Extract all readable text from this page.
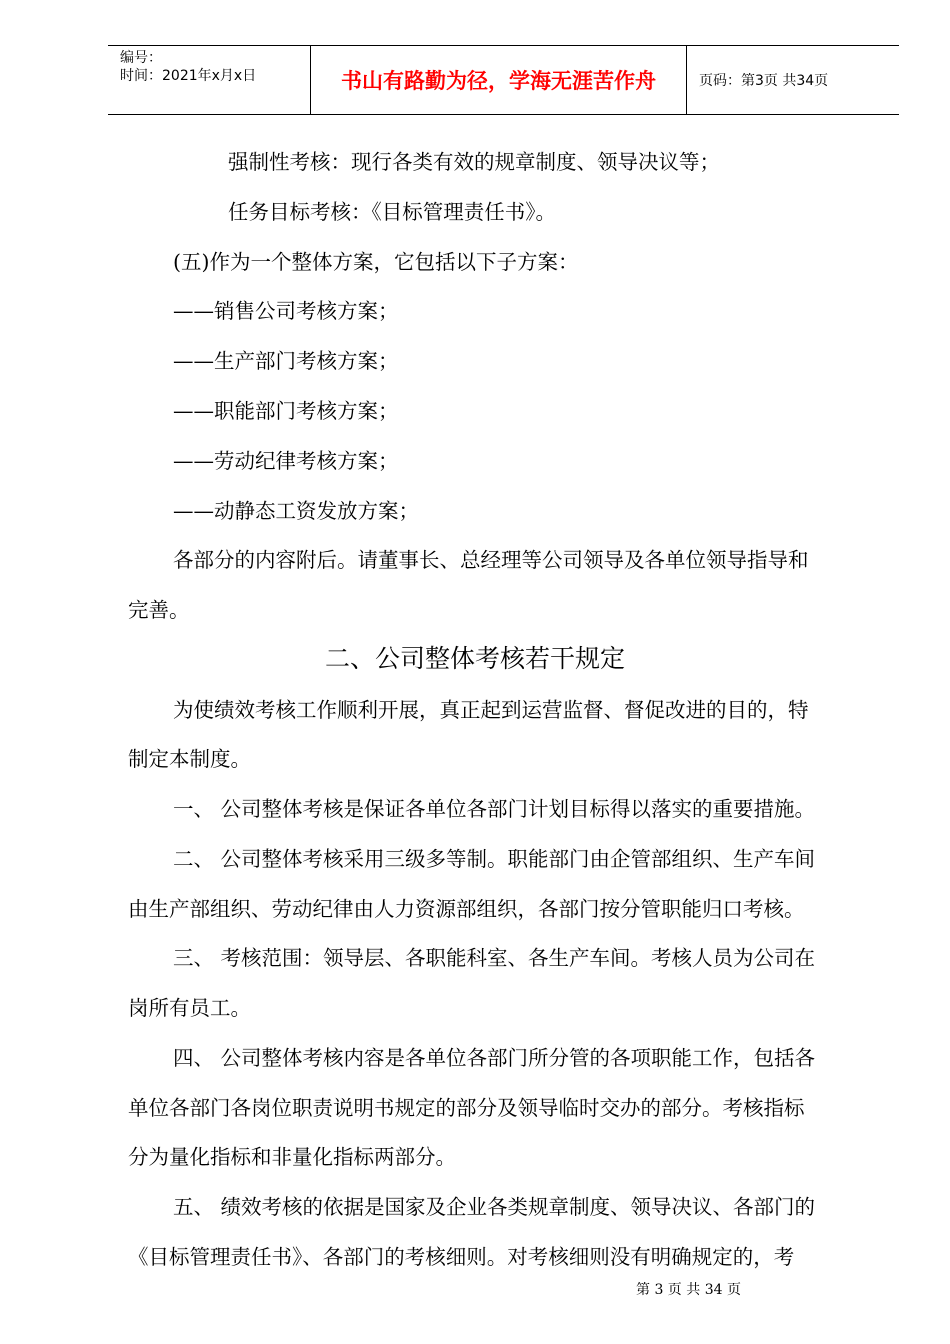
编号：
时间：2021年x月x日	书山有路勤为径，学海无涯苦作舟	页码：第3页 共34页
强制性考核：现行各类有效的规章制度、领导决议等；
任务目标考核：《目标管理责任书》。
(五)作为一个整体方案，它包括以下子方案：
——销售公司考核方案；
——生产部门考核方案；
——职能部门考核方案；
——劳动纪律考核方案；
——动静态工资发放方案；
各部分的内容附后。请董事长、总经理等公司领导及各单位领导指导和
完善。
二、公司整体考核若干规定
为使绩效考核工作顺利开展，真正起到运营监督、督促改进的目的，特
制定本制度。
一、 公司整体考核是保证各单位各部门计划目标得以落实的重要措施。
二、 公司整体考核采用三级多等制。职能部门由企管部组织、生产车间
由生产部组织、劳动纪律由人力资源部组织，各部门按分管职能归口考核。
三、 考核范围：领导层、各职能科室、各生产车间。考核人员为公司在
岗所有员工。
四、 公司整体考核内容是各单位各部门所分管的各项职能工作，包括各
单位各部门各岗位职责说明书规定的部分及领导临时交办的部分。考核指标
分为量化指标和非量化指标两部分。
五、 绩效考核的依据是国家及企业各类规章制度、领导决议、各部门的
《目标管理责任书》、各部门的考核细则。对考核细则没有明确规定的，考
第 3 页 共 34 页
